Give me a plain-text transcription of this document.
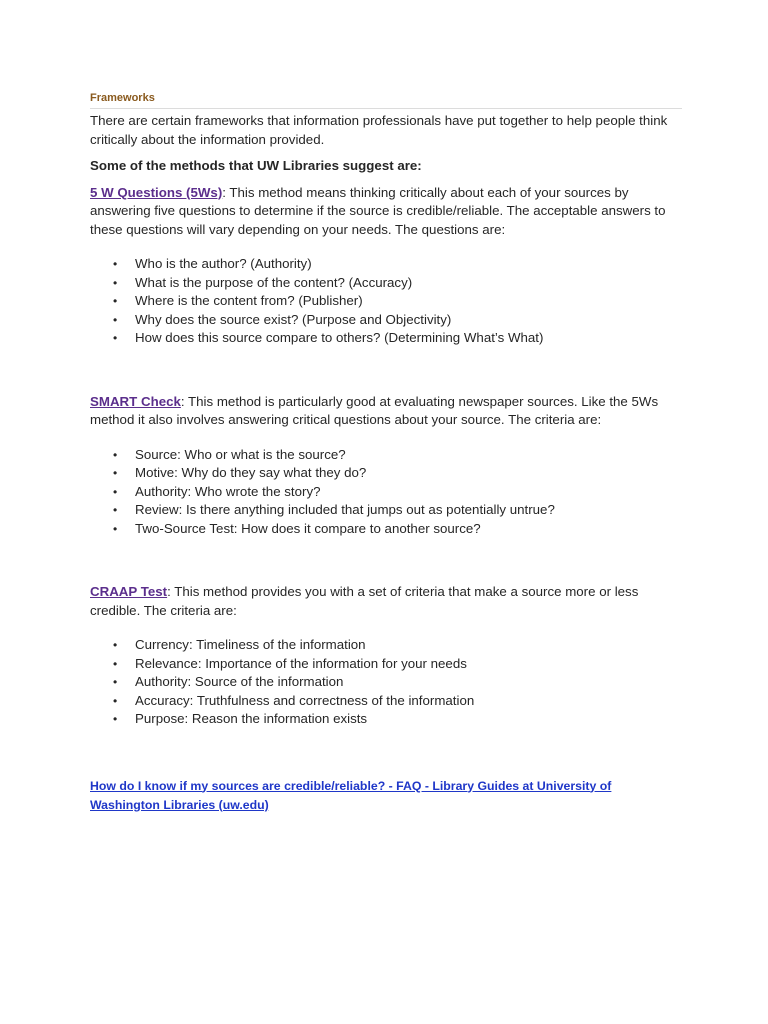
Frameworks

There are certain frameworks that information professionals have put together to help people think critically about the information provided.

Some of the methods that UW Libraries suggest are:

5 W Questions (5Ws): This method means thinking critically about each of your sources by answering five questions to determine if the source is credible/reliable. The acceptable answers to these questions will vary depending on your needs. The questions are:

• Who is the author? (Authority)
• What is the purpose of the content? (Accuracy)
• Where is the content from? (Publisher)
• Why does the source exist? (Purpose and Objectivity)
• How does this source compare to others? (Determining What’s What)

SMART Check: This method is particularly good at evaluating newspaper sources. Like the 5Ws method it also involves answering critical questions about your source. The criteria are:

• Source: Who or what is the source?
• Motive: Why do they say what they do?
• Authority: Who wrote the story?
• Review: Is there anything included that jumps out as potentially untrue?
• Two-Source Test: How does it compare to another source?

CRAAP Test: This method provides you with a set of criteria that make a source more or less credible. The criteria are:

• Currency: Timeliness of the information
• Relevance: Importance of the information for your needs
• Authority: Source of the information
• Accuracy: Truthfulness and correctness of the information
• Purpose: Reason the information exists

How do I know if my sources are credible/reliable? - FAQ - Library Guides at University of Washington Libraries (uw.edu)
